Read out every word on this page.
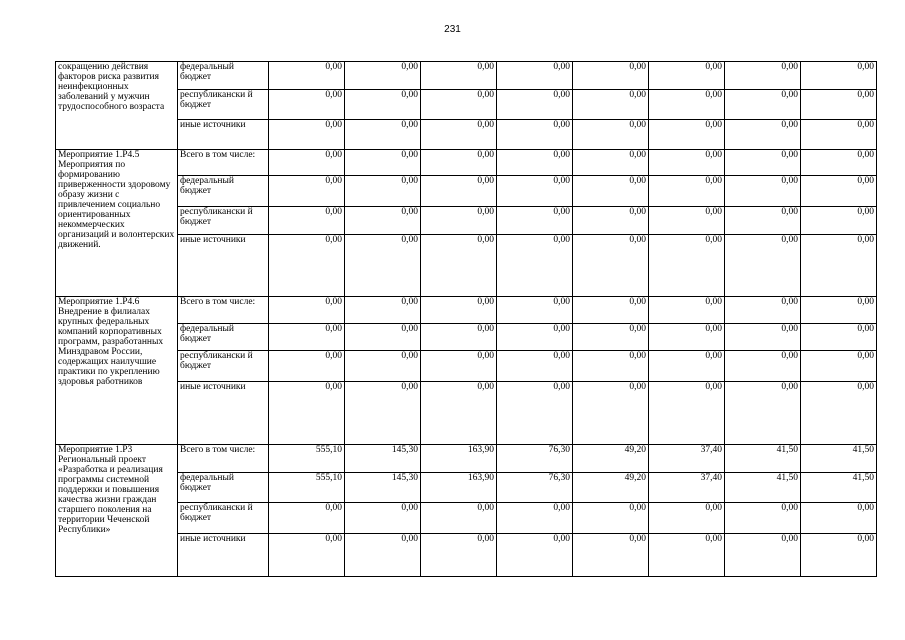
231
сокращению действия факторов риска развития неинфекционных заболеваний у мужчин трудоспособного возраста	федеральный бюджет	0,00	0,00	0,00	0,00	0,00	0,00	0,00	0,00
	республикански й бюджет	0,00	0,00	0,00	0,00	0,00	0,00	0,00	0,00
	иные источники	0,00	0,00	0,00	0,00	0,00	0,00	0,00	0,00
Мероприятие 1.Р4.5 Мероприятия по формированию приверженности здоровому образу жизни с привлечением социально ориентированных некоммерческих организаций и волонтерских движений.	Всего в том числе:	0,00	0,00	0,00	0,00	0,00	0,00	0,00	0,00
	федеральный бюджет	0,00	0,00	0,00	0,00	0,00	0,00	0,00	0,00
	республикански й бюджет	0,00	0,00	0,00	0,00	0,00	0,00	0,00	0,00
	иные источники	0,00	0,00	0,00	0,00	0,00	0,00	0,00	0,00
Мероприятие 1.Р4.6 Внедрение в филиалах крупных федеральных компаний корпоративных программ, разработанных Минздравом России, содержащих наилучшие практики по укреплению здоровья работников	Всего в том числе:	0,00	0,00	0,00	0,00	0,00	0,00	0,00	0,00
	федеральный бюджет	0,00	0,00	0,00	0,00	0,00	0,00	0,00	0,00
	республикански й бюджет	0,00	0,00	0,00	0,00	0,00	0,00	0,00	0,00
	иные источники	0,00	0,00	0,00	0,00	0,00	0,00	0,00	0,00
Мероприятие 1.Р3 Региональный проект «Разработка и реализация программы системной поддержки и повышения качества жизни граждан старшего поколения на территории Чеченской Республики»	Всего в том числе:	555,10	145,30	163,90	76,30	49,20	37,40	41,50	41,50
	федеральный бюджет	555,10	145,30	163,90	76,30	49,20	37,40	41,50	41,50
	республикански й бюджет	0,00	0,00	0,00	0,00	0,00	0,00	0,00	0,00
	иные источники	0,00	0,00	0,00	0,00	0,00	0,00	0,00	0,00
